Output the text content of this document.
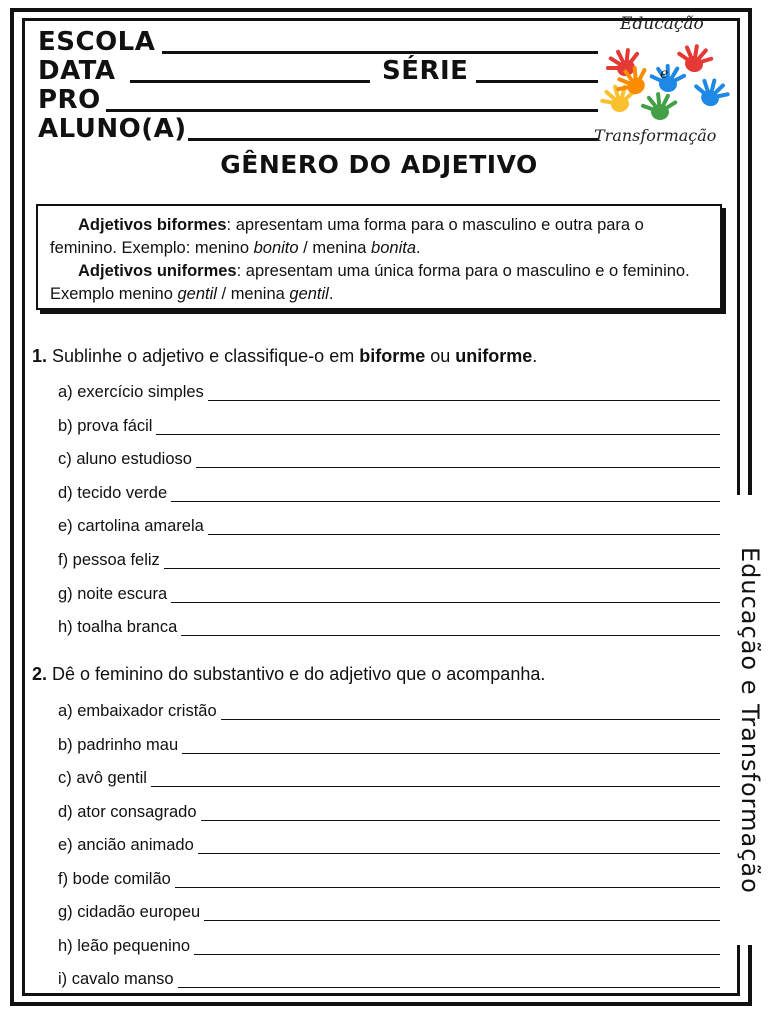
ESCOLA
DATA	SÉRIE
PRO
ALUNO(A)
Educação
e
Transformação
GÊNERO DO ADJETIVO

Adjetivos biformes: apresentam uma forma para o masculino e outra para o feminino. Exemplo: menino bonito / menina bonita.

Adjetivos uniformes: apresentam uma única forma para o masculino e o feminino. Exemplo menino gentil / menina gentil.

1. Sublinhe o adjetivo e classifique-o em biforme ou uniforme.
a) exercício simples
b) prova fácil
c) aluno estudioso
d) tecido verde
e) cartolina amarela
f) pessoa feliz
g) noite escura
h) toalha branca
2. Dê o feminino do substantivo e do adjetivo que o acompanha.
a) embaixador cristão
b) padrinho mau
c) avô gentil
d) ator consagrado
e) ancião animado
f) bode comilão
g) cidadão europeu
h) leão pequenino
i) cavalo manso
Educação e Transformação
